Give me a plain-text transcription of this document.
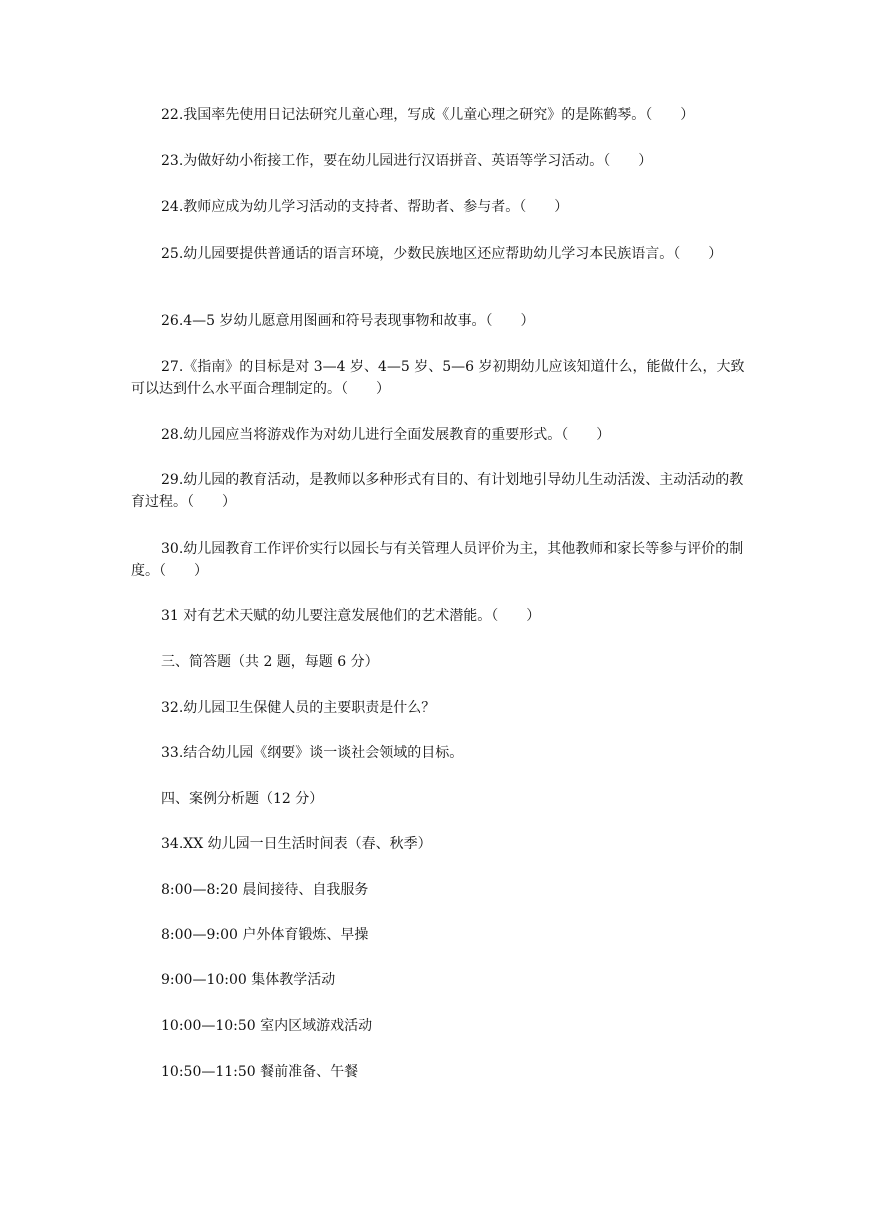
22.我国率先使用日记法研究儿童心理，写成《儿童心理之研究》的是陈鹤琴。（　　）
23.为做好幼小衔接工作，要在幼儿园进行汉语拼音、英语等学习活动。（　　）
24.教师应成为幼儿学习活动的支持者、帮助者、参与者。（　　）
25.幼儿园要提供普通话的语言环境，少数民族地区还应帮助幼儿学习本民族语言。（　　）
26.4—5 岁幼儿愿意用图画和符号表现事物和故事。（　　）
27.《指南》的目标是对 3—4 岁、4—5 岁、5—6 岁初期幼儿应该知道什么，能做什么，大致可以达到什么水平面合理制定的。（　　）
28.幼儿园应当将游戏作为对幼儿进行全面发展教育的重要形式。（　　）
29.幼儿园的教育活动，是教师以多种形式有目的、有计划地引导幼儿生动活泼、主动活动的教育过程。（　　）
30.幼儿园教育工作评价实行以园长与有关管理人员评价为主，其他教师和家长等参与评价的制度。（　　）
31 对有艺术天赋的幼儿要注意发展他们的艺术潜能。（　　）
三、简答题（共 2 题，每题 6 分）
32.幼儿园卫生保健人员的主要职责是什么？
33.结合幼儿园《纲要》谈一谈社会领域的目标。
四、案例分析题（12 分）
34.XX 幼儿园一日生活时间表（春、秋季）
8:00—8:20 晨间接待、自我服务
8:00—9:00 户外体育锻炼、早操
9:00—10:00 集体教学活动
10:00—10:50 室内区域游戏活动
10:50—11:50 餐前准备、午餐
